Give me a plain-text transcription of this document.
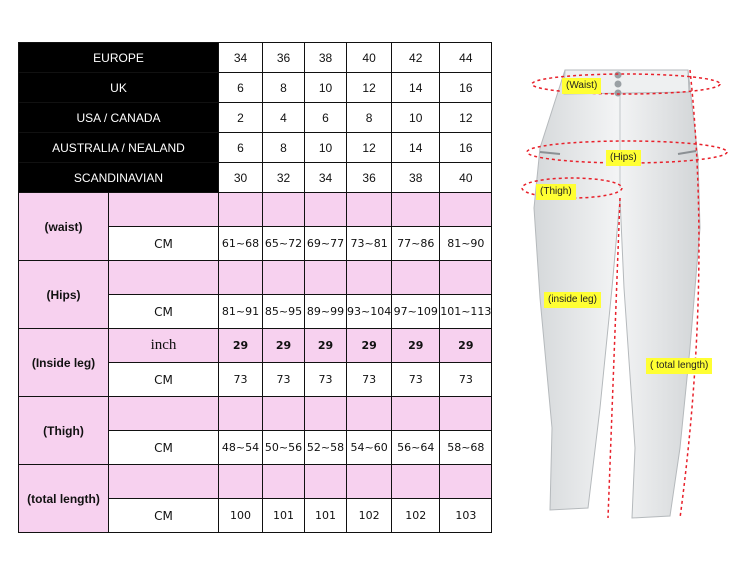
EUROPE		34	36	38	40	42	44
UK		6	8	10	12	14	16
USA / CANADA		2	4	6	8	10	12
AUSTRALIA / NEALAND		6	8	10	12	14	16
SCANDINAVIAN		30	32	34	36	38	40
(waist)							
	CM	61~68	65~72	69~77	73~81	77~86	81~90
(Hips)							
	CM	81~91	85~95	89~99	93~104	97~109	101~113
(Inside leg)	inch	29	29	29	29	29	29
	CM	73	73	73	73	73	73
(Thigh)							
	CM	48~54	50~56	52~58	54~60	56~64	58~68
(total length)							
	CM	100	101	101	102	102	103
(Waist)
(Hips)
(Thigh)
(inside leg)
( total length)
